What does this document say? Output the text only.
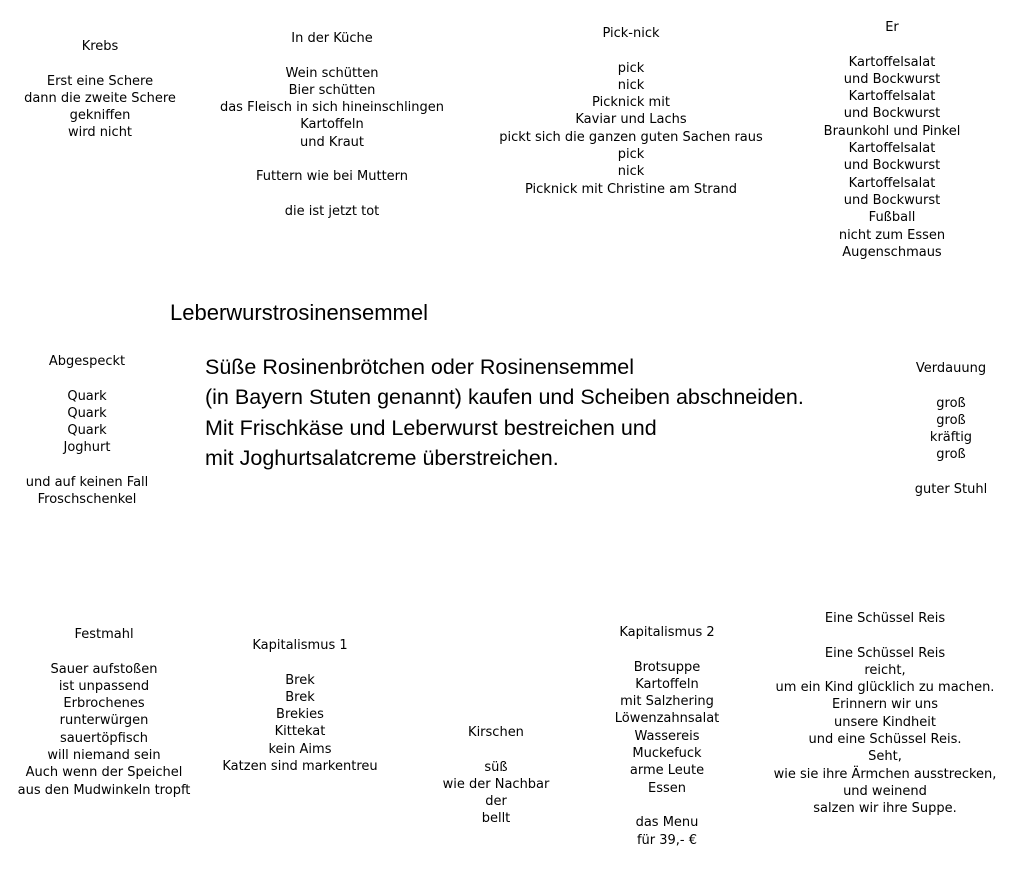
Krebs
Erst eine Schere
dann die zweite Schere
gekniffen
wird nicht
In der Küche
Wein schütten
Bier schütten
das Fleisch in sich hineinschlingen
Kartoffeln
und Kraut
Futtern wie bei Muttern
die ist jetzt tot
Pick-nick
pick
nick
Picknick mit
Kaviar und Lachs
pickt sich die ganzen guten Sachen raus
pick
nick
Picknick mit Christine am Strand
Er
Kartoffelsalat
und Bockwurst
Kartoffelsalat
und Bockwurst
Braunkohl und Pinkel
Kartoffelsalat
und Bockwurst
Kartoffelsalat
und Bockwurst
Fußball
nicht zum Essen
Augenschmaus
Abgespeckt
Quark
Quark
Quark
Joghurt
und auf keinen Fall
Froschschenkel
Verdauung
groß
groß
kräftig
groß
guter Stuhl
Festmahl
Sauer aufstoßen
ist unpassend
Erbrochenes
runterwürgen
sauertöpfisch
will niemand sein
Auch wenn der Speichel
aus den Mudwinkeln tropft
Kapitalismus 1
Brek
Brek
Brekies
Kittekat
kein Aims
Katzen sind markentreu
Kirschen
süß
wie der Nachbar
der
bellt
Kapitalismus 2
Brotsuppe
Kartoffeln
mit Salzhering
Löwenzahnsalat
Wassereis
Muckefuck
arme Leute
Essen
das Menu
für 39,- €
Eine Schüssel Reis
Eine Schüssel Reis
reicht,
um ein Kind glücklich zu machen.
Erinnern wir uns
unsere Kindheit
und eine Schüssel Reis.
Seht,
wie sie ihre Ärmchen ausstrecken,
und weinend
salzen wir ihre Suppe.
Leberwurstrosinensemmel
Süße Rosinenbrötchen oder Rosinensemmel
(in Bayern Stuten genannt) kaufen und Scheiben abschneiden.
Mit Frischkäse und Leberwurst bestreichen und
mit Joghurtsalatcreme überstreichen.
